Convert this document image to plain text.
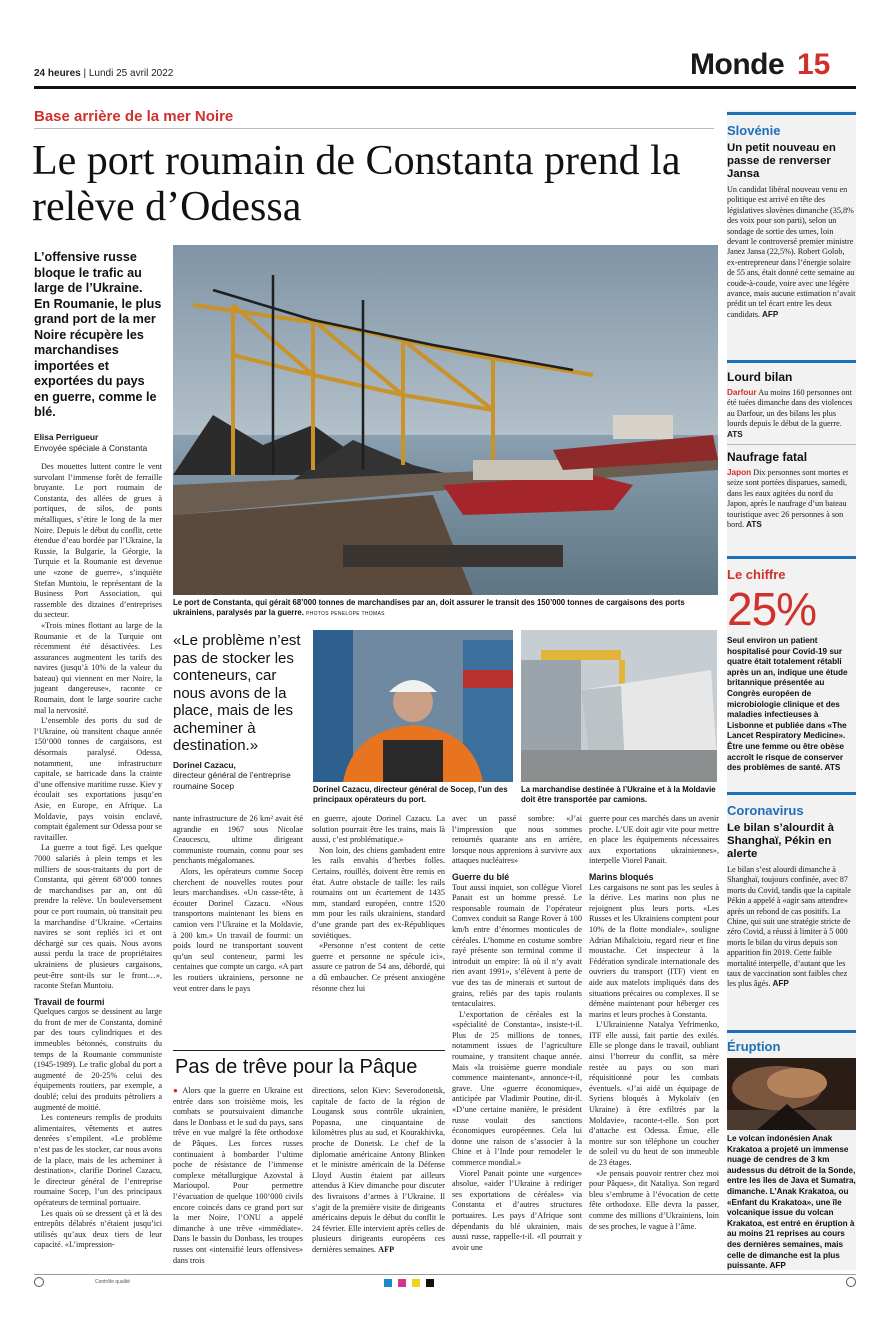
24 heures | Lundi 25 avril 2022	Monde 15
Base arrière de la mer Noire
Le port roumain de Constanta prend la relève d’Odessa
L’offensive russe bloque le trafic au large de l’Ukraine. En Roumanie, le plus grand port de la mer Noire récupère les marchandises importées et exportées du pays en guerre, comme le blé.
Elisa Perrigueur
Envoyée spéciale à Constanta

Des mouettes luttent contre le vent survolant l’immense forêt de ferraille bruyante. Le port roumain de Constanta, des allées de grues à portiques, de silos, de ponts métalliques, s’étire le long de la mer Noire. Depuis le début du conflit, cette étendue d’eau bordée par l’Ukraine, la Russie, la Bulgarie, la Géorgie, la Turquie et la Roumanie est devenue une «zone de guerre», s’inquiète Stefan Muntoiu, le représentant de la Business Port Association, qui rassemble des dizaines d’entreprises du secteur.

«Trois mines flottant au large de la Roumanie et de la Turquie ont récemment été désactivées. Les assurances augmentent les tarifs des navires (jusqu’à 10% de la valeur du bateau) qui viennent en mer Noire, la jugeant dangereuse», raconte ce Roumain, dont le large sourire cache mal la nervosité.

L’ensemble des ports du sud de l’Ukraine, où transitent chaque année 150’000 tonnes de cargaisons, est désormais paralysé. Odessa, notamment, une infrastructure capitale, se barricade dans la crainte d’une offensive maritime russe. Kiev y écoulait ses exportations jusqu’en Asie, en Europe, en Afrique. La Moldavie, pays voisin enclavé, comptait également sur Odessa pour se ravitailler.

La guerre a tout figé. Les quelque 7000 salariés à plein temps et les milliers de sous-traitants du port de Constanta, qui gèrent 68’000 tonnes de marchandises par an, ont dû prendre la relève. Un bouleversement pour ce port roumain, où transitait peu la marchandise d’Ukraine. «Certains navires se sont repliés ici et ont déchargé sur ces quais. Nous avons aussi perdu la trace de propriétaires ukrainiens de plusieurs cargaisons, peut-être sont-ils sur le front…», raconte Stefan Muntoiu.

Travail de fourmi

Quelques cargos se dessinent au large du front de mer de Constanta, dominé par des tours cylindriques et des immeubles bétonnés, construits du temps de la Roumanie communiste (1945-1989). Le trafic global du port a augmenté de 20-25% celui des équipements routiers, par exemple, a doublé; celui des produits pétroliers a augmenté de moitié.

Les conteneurs remplis de produits alimentaires, vêtements et autres denrées s’empilent. «Le problème n’est pas de les stocker, car nous avons de la place, mais de les acheminer à destination», clarifie Dorinel Cazacu, le directeur général de l’entreprise roumaine Socep, l’un des principaux opérateurs de terminal portuaire.

Les quais où se dressent çà et là des entrepôts délabrés n’étaient jusqu’ici utilisés qu’aux deux tiers de leur capacité. «L’impression-

Le port de Constanta, qui gérait 68’000 tonnes de marchandises par an, doit assurer le transit des 150’000 tonnes de cargaisons des ports ukrainiens, paralysés par la guerre. PHOTOS PENELOPE THOMAS
«Le problème n’est pas de stocker les conteneurs, car nous avons de la place, mais de les acheminer à destination.»
Dorinel Cazacu,
directeur général de l’entreprise roumaine Socep	Dorinel Cazacu, directeur général de Socep, l’un des principaux opérateurs du port.
La marchandise destinée à l’Ukraine et à la Moldavie doit être transportée par camions.

nante infrastructure de 26 km² avait été agrandie en 1967 sous Nicolae Ceaucescu, ultime dirigeant communiste roumain, connu pour ses penchants mégalomanes.

Alors, les opérateurs comme Socep cherchent de nouvelles routes pour leurs marchandises. «Un casse-tête, à écouter Dorinel Cazacu. «Nous transportons maintenant les biens en camion vers l’Ukraine et la Moldavie, à 200 km.» Un travail de fourmi: un poids lourd ne transportant souvent qu’un seul conteneur, parmi les centaines que compte un cargo. «A part les routiers ukrainiens, personne ne veut entrer dans le pays

en guerre, ajoute Dorinel Cazacu. La solution pourrait être les trains, mais là aussi, c’est problématique.»

Non loin, des chiens gambadent entre les rails envahis d’herbes folles. Certains, rouillés, doivent être remis en état. Autre obstacle de taille: les rails roumains ont un écartement de 1435 mm, standard européen, contre 1520 mm pour les rails ukrainiens, standard d’une grande part des ex-Républiques soviétiques.

«Personne n’est content de cette guerre et personne ne spécule ici», assure ce patron de 54 ans, débordé, qui a dû embaucher. Ce présent anxiogène résonne chez lui

avec un passé sombre: «J’ai l’impression que nous sommes retournés quarante ans en arrière, lorsque nous apprenions à survivre aux attaques nucléaires»

Guerre du blé

Tout aussi inquiet, son collègue Viorel Panait est un homme pressé. Le responsable roumain de l’opérateur Comvex conduit sa Range Rover à 100 km/h entre d’énormes monticules de céréales. L’homme en costume sombre rayé présente son terminal comme il introduit un empire: là où il n’y avait rien avant 1991», s’élèvent à perte de vue des tas de minerais et surtout de grains, reliés par des tapis roulants tentaculaires.

L’exportation de céréales est la «spécialité de Constanta», insiste-t-il. Plus de 25 millions de tonnes, notamment issues de l’agriculture roumaine, y transitent chaque année. Mais «la troisième guerre mondiale commence maintenant», annonce-t-il, grave. Une «guerre économique», anticipée par Vladimir Poutine, dit-il. «D’une certaine manière, le président russe voulait des sanctions économiques européennes. Cela lui donne une raison de s’associer à la Chine et à l’Inde pour remodeler le commerce mondial.»

Viorel Panait pointe une «urgence» absolue, «aider l’Ukraine à rediriger ses exportations de céréales» via Constanta et d’autres structures portuaires. Les pays d’Afrique sont dépendants du blé ukrainien, mais aussi russe, rappelle-t-il. «Il pourrait y avoir une

guerre pour ces marchés dans un avenir proche. L’UE doit agir vite pour mettre en place les équipements nécessaires aux exportations ukrainiennes», interpelle Viorel Panait.

Marins bloqués

Les cargaisons ne sont pas les seules à la dérive. Les marins non plus ne rejoignent plus leurs ports. «Les Russes et les Ukrainiens comptent pour 10% de la flotte mondiale», souligne Adrian Mihalcioiu, regard rieur et fine moustache. Cet inspecteur à la Fédération syndicale internationale des ouvriers du transport (ITF) vient en aide aux matelots impliqués dans des situations précaires ou complexes. Il se démène maintenant pour héberger ces marins et leurs proches à Constanta.

L’Ukrainienne Natalya Yefrimenko, ITF elle aussi, fait partie des exilés. Elle se plonge dans le travail, oubliant ainsi l’horreur du conflit, sa mère restée au pays ou son mari réquisitionné pour les combats éventuels. «J’ai aidé un équipage de Syriens bloqués à Mykolaïv (en Ukraine) à être exfiltrés par la Moldavie», raconte-t-elle. Son port d’attache est Odessa. Émue, elle montre sur son téléphone un coucher de soleil vu du heut de son immeuble de 23 étages.

«Je pensais pouvoir rentrer chez moi pour Pâques», dit Nataliya. Son regard bleu s’embrume à l’évocation de cette fête orthodoxe. Elle devra la passer, comme des millions d’Ukrainiens, loin de ses proches, le vague à l’âme.

Pas de trêve pour la Pâque

● Alors que la guerre en Ukraine est entrée dans son troisième mois, les combats se poursuivaient dimanche dans le Donbass et le sud du pays, sans trêve en vue malgré la fête orthodoxe de Pâques. Les forces russes continuaient à bombarder l’ultime poche de résistance de l’immense complexe métallurgique Azovstal à Marioupol. Pour permettre l’évacuation de quelque 100’000 civils encore coincés dans ce grand port sur la mer Noire, l’ONU a appelé dimanche à une trêve «immédiate». Dans le bassin du Donbass, les troupes russes ont «intensifié leurs offensives» dans trois

directions, selon Kiev: Severodonetsk, capitale de facto de la région de Lougansk sous contrôle ukrainien, Popasna, une cinquantaine de kilomètres plus au sud, et Kourakhivka, proche de Donetsk. Le chef de la diplomatie américaine Antony Blinken et le ministre américain de la Défense Lloyd Austin étaient par ailleurs attendus à Kiev dimanche pour discuter des livraisons d’armes à l’Ukraine. Il s’agit de la première visite de dirigeants américains depuis le début du conflit le 24 février. Elle intervient après celles de plusieurs dirigeants européens ces dernières semaines. AFP

Slovénie
Un petit nouveau en passe de renverser Jansa
Un candidat libéral nouveau venu en politique est arrivé en tête des législatives slovènes dimanche (35,8% des voix pour son parti), selon un sondage de sortie des urnes, loin devant le controversé premier ministre Janez Jansa (22,5%). Robert Golob, ex-entrepreneur dans l’énergie solaire de 55 ans, était donné cette semaine au coude-à-coude, voire avec une légère avance, mais aucune estimation n’avait prédit un tel écart entre les deux candidats. AFP
Lourd bilan
Darfour Au moins 160 personnes ont été tuées dimanche dans des violences au Darfour, un des bilans les plus lourds depuis le début de la guerre. ATS
Naufrage fatal
Japon Dix personnes sont mortes et seize sont portées disparues, samedi, dans les eaux agitées du nord du Japon, après le naufrage d’un bateau touristique avec 26 personnes à son bord. ATS
Le chiffre
25%
Seul environ un patient hospitalisé pour Covid-19 sur quatre était totalement rétabli après un an, indique une étude britannique présentée au Congrès européen de microbiologie clinique et des maladies infectieuses à Lisbonne et publiée dans «The Lancet Respiratory Medicine». Être une femme ou être obèse accroît le risque de conserver des problèmes de santé. ATS
Coronavirus
Le bilan s’alourdit à Shanghaï, Pékin en alerte
Le bilan s’est alourdi dimanche à Shanghaï, toujours confinée, avec 87 morts du Covid, tandis que la capitale Pékin a appelé à «agir sans attendre» après un rebond de cas positifs. La Chine, qui suit une stratégie stricte de zéro Covid, a réussi à limiter à 5 000 morts le bilan du virus depuis son apparition fin 2019. Cette faible mortalité interpelle, d’autant que les taux de vaccination sont faibles chez les plus âgés. AFP
Éruption
Le volcan indonésien Anak Krakatoa a projeté un immense nuage de cendres de 3 km audessus du détroit de la Sonde, entre les îles de Java et Sumatra, dimanche. L’Anak Krakatoa, ou «Enfant du Krakatoa», une île volcanique issue du volcan Krakatoa, est entré en éruption à au moins 21 reprises au cours des dernières semaines, mais celle de dimanche est la plus puissante. AFP
Contrôle qualité
